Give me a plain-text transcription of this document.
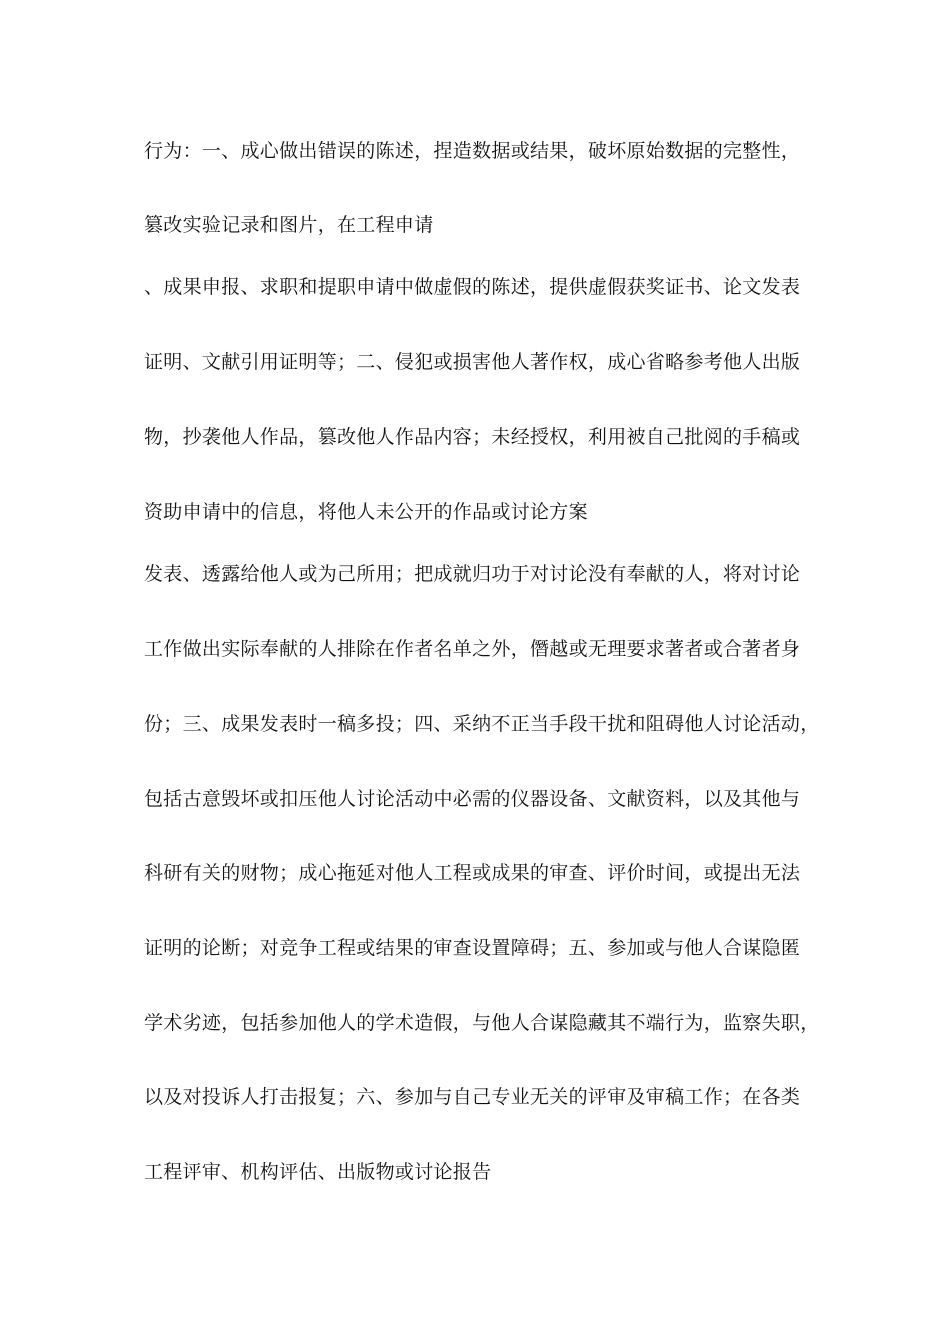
行为：一、成心做出错误的陈述，捏造数据或结果，破坏原始数据的完整性，
篡改实验记录和图片，在工程申请
、成果申报、求职和提职申请中做虚假的陈述，提供虚假获奖证书、论文发表
证明、文献引用证明等；二、侵犯或损害他人著作权，成心省略参考他人出版
物，抄袭他人作品，篡改他人作品内容；未经授权，利用被自己批阅的手稿或
资助申请中的信息，将他人未公开的作品或讨论方案
发表、透露给他人或为己所用；把成就归功于对讨论没有奉献的人，将对讨论
工作做出实际奉献的人排除在作者名单之外，僭越或无理要求著者或合著者身
份；三、成果发表时一稿多投；四、采纳不正当手段干扰和阻碍他人讨论活动，
包括古意毁坏或扣压他人讨论活动中必需的仪器设备、文献资料，以及其他与
科研有关的财物；成心拖延对他人工程或成果的审查、评价时间，或提出无法
证明的论断；对竞争工程或结果的审查设置障碍；五、参加或与他人合谋隐匿
学术劣迹，包括参加他人的学术造假，与他人合谋隐藏其不端行为，监察失职，
以及对投诉人打击报复；六、参加与自己专业无关的评审及审稿工作；在各类
工程评审、机构评估、出版物或讨论报告
